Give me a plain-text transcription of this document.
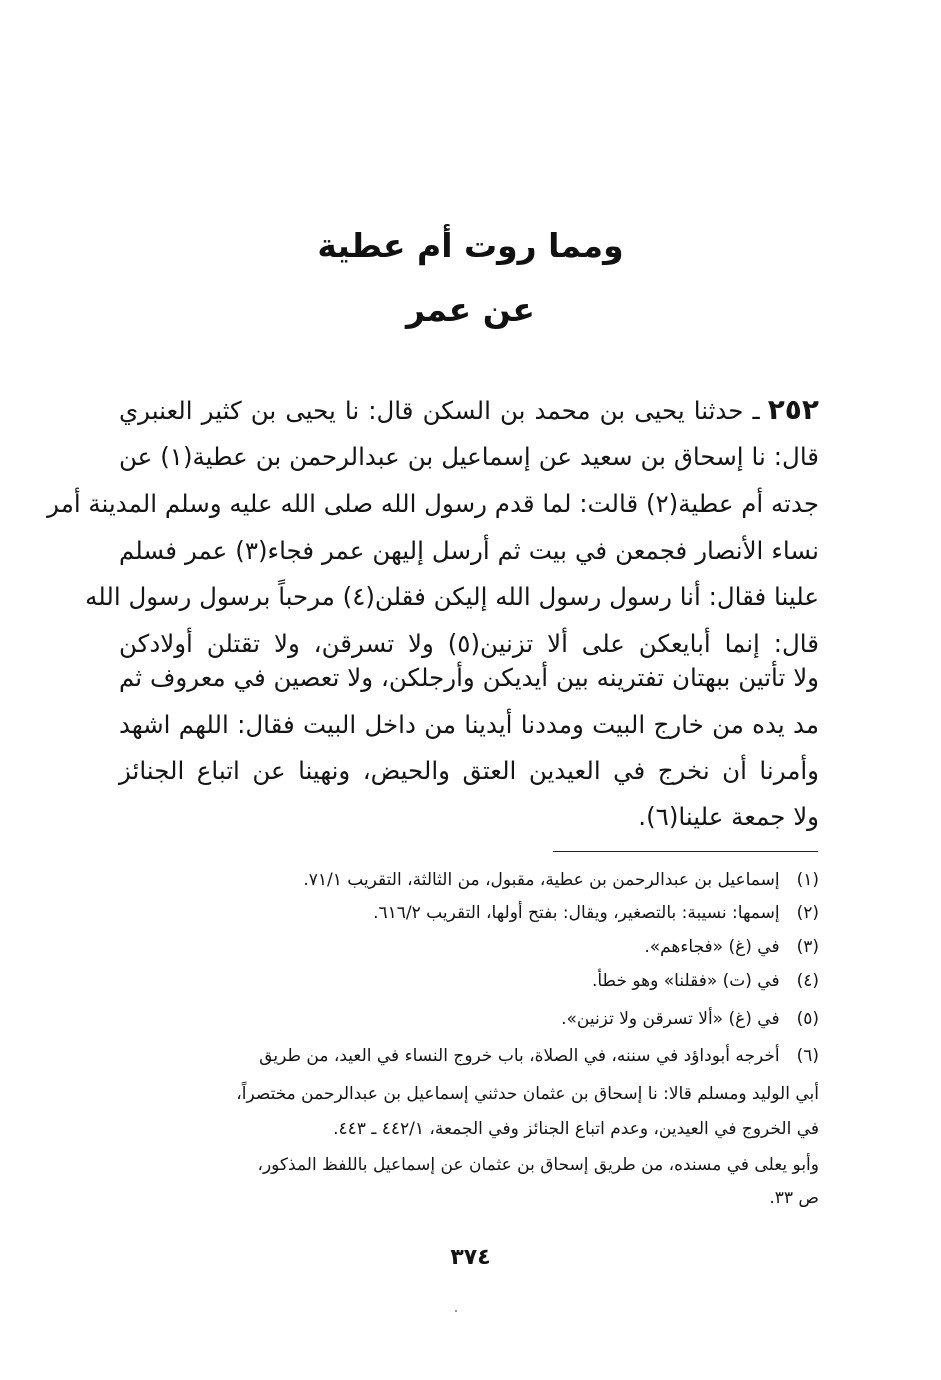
ومما روت أم عطية
عن عمر
٢٥٢ـ حدثنا يحيى بن محمد بن السكن قال: نا يحيى بن كثير العنبري
قال: نا إسحاق بن سعيد عن إسماعيل بن عبدالرحمن بن عطية(١) عن
جدته أم عطية(٢) قالت: لما قدم رسول الله صلى الله عليه وسلم المدينة أمر
نساء الأنصار فجمعن في بيت ثم أرسل إليهن عمر فجاء(٣) عمر فسلم
علينا فقال: أنا رسول رسول الله إليكن فقلن(٤) مرحباً برسول رسول الله
قال: إنما أبايعكن على ألا تزنين(٥) ولا تسرقن، ولا تقتلن أولادكن
ولا تأتين ببهتان تفترينه بين أيديكن وأرجلكن، ولا تعصين في معروف ثم
مد يده من خارج البيت ومددنا أيدينا من داخل البيت فقال: اللهم اشهد
وأمرنا أن نخرج في العيدين العتق والحيض، ونهينا عن اتباع الجنائز
ولا جمعة علينا(٦).
(١) إسماعيل بن عبدالرحمن بن عطية، مقبول، من الثالثة، التقريب ٧١/١.
(٢) إسمها: نسيبة: بالتصغير، ويقال: بفتح أولها، التقريب ٦١٦/٢.
(٣) في (غ) «فجاءهم».
(٤) في (ت) «فقلنا» وهو خطأ.
(٥) في (غ) «ألا تسرقن ولا تزنين».
(٦) أخرجه أبوداؤد في سننه، في الصلاة، باب خروج النساء في العيد، من طريق
أبي الوليد ومسلم قالا: نا إسحاق بن عثمان حدثني إسماعيل بن عبدالرحمن مختصراً،
في الخروج في العيدين، وعدم اتباع الجنائز وفي الجمعة، ٤٤٢/١ ـ ٤٤٣.
وأبو يعلى في مسنده، من طريق إسحاق بن عثمان عن إسماعيل باللفظ المذكور،
ص ٣٣.
٣٧٤
